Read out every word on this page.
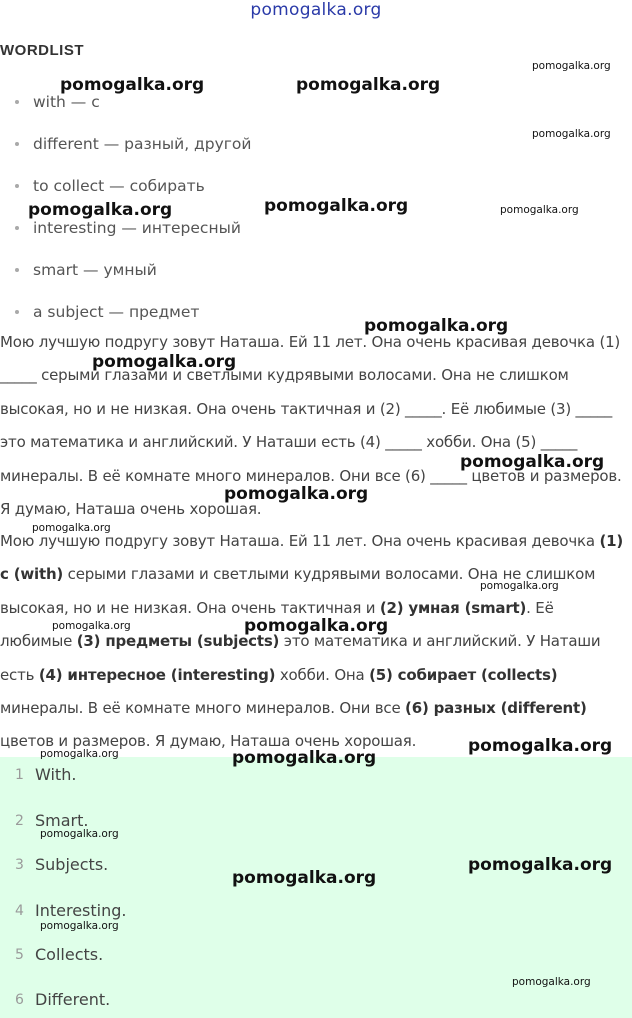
pomogalka.org
WORDLIST
with — с
different — разный, другой
to collect — собирать
interesting — интересный
smart — умный
a subject — предмет
Мою лучшую подругу зовут Наташа. Ей 11 лет. Она очень красивая девочка (1) _____ серыми глазами и светлыми кудрявыми волосами. Она не слишком высокая, но и не низкая. Она очень тактичная и (2) _____. Её любимые (3) _____ это математика и английский. У Наташи есть (4) _____ хобби. Она (5) _____ минералы. В её комнате много минералов. Они все (6) _____ цветов и размеров. Я думаю, Наташа очень хорошая.
Мою лучшую подругу зовут Наташа. Ей 11 лет. Она очень красивая девочка (1) с (with) серыми глазами и светлыми кудрявыми волосами. Она не слишком высокая, но и не низкая. Она очень тактичная и (2) умная (smart). Её любимые (3) предметы (subjects) это математика и английский. У Наташи есть (4) интересное (interesting) хобби. Она (5) собирает (collects) минералы. В её комнате много минералов. Они все (6) разных (different) цветов и размеров. Я думаю, Наташа очень хорошая.
1 With.
2 Smart.
3 Subjects.
4 Interesting.
5 Collects.
6 Different.
pomogalka.org	pomogalka.org
pomogalka.org
pomogalka.org
pomogalka.org	pomogalka.org	pomogalka.org
pomogalka.org
pomogalka.org
pomogalka.org
pomogalka.org
pomogalka.org
pomogalka.org
pomogalka.org	pomogalka.org
pomogalka.org
pomogalka.org	pomogalka.org
pomogalka.org
pomogalka.org
pomogalka.org
pomogalka.org
pomogalka.org
